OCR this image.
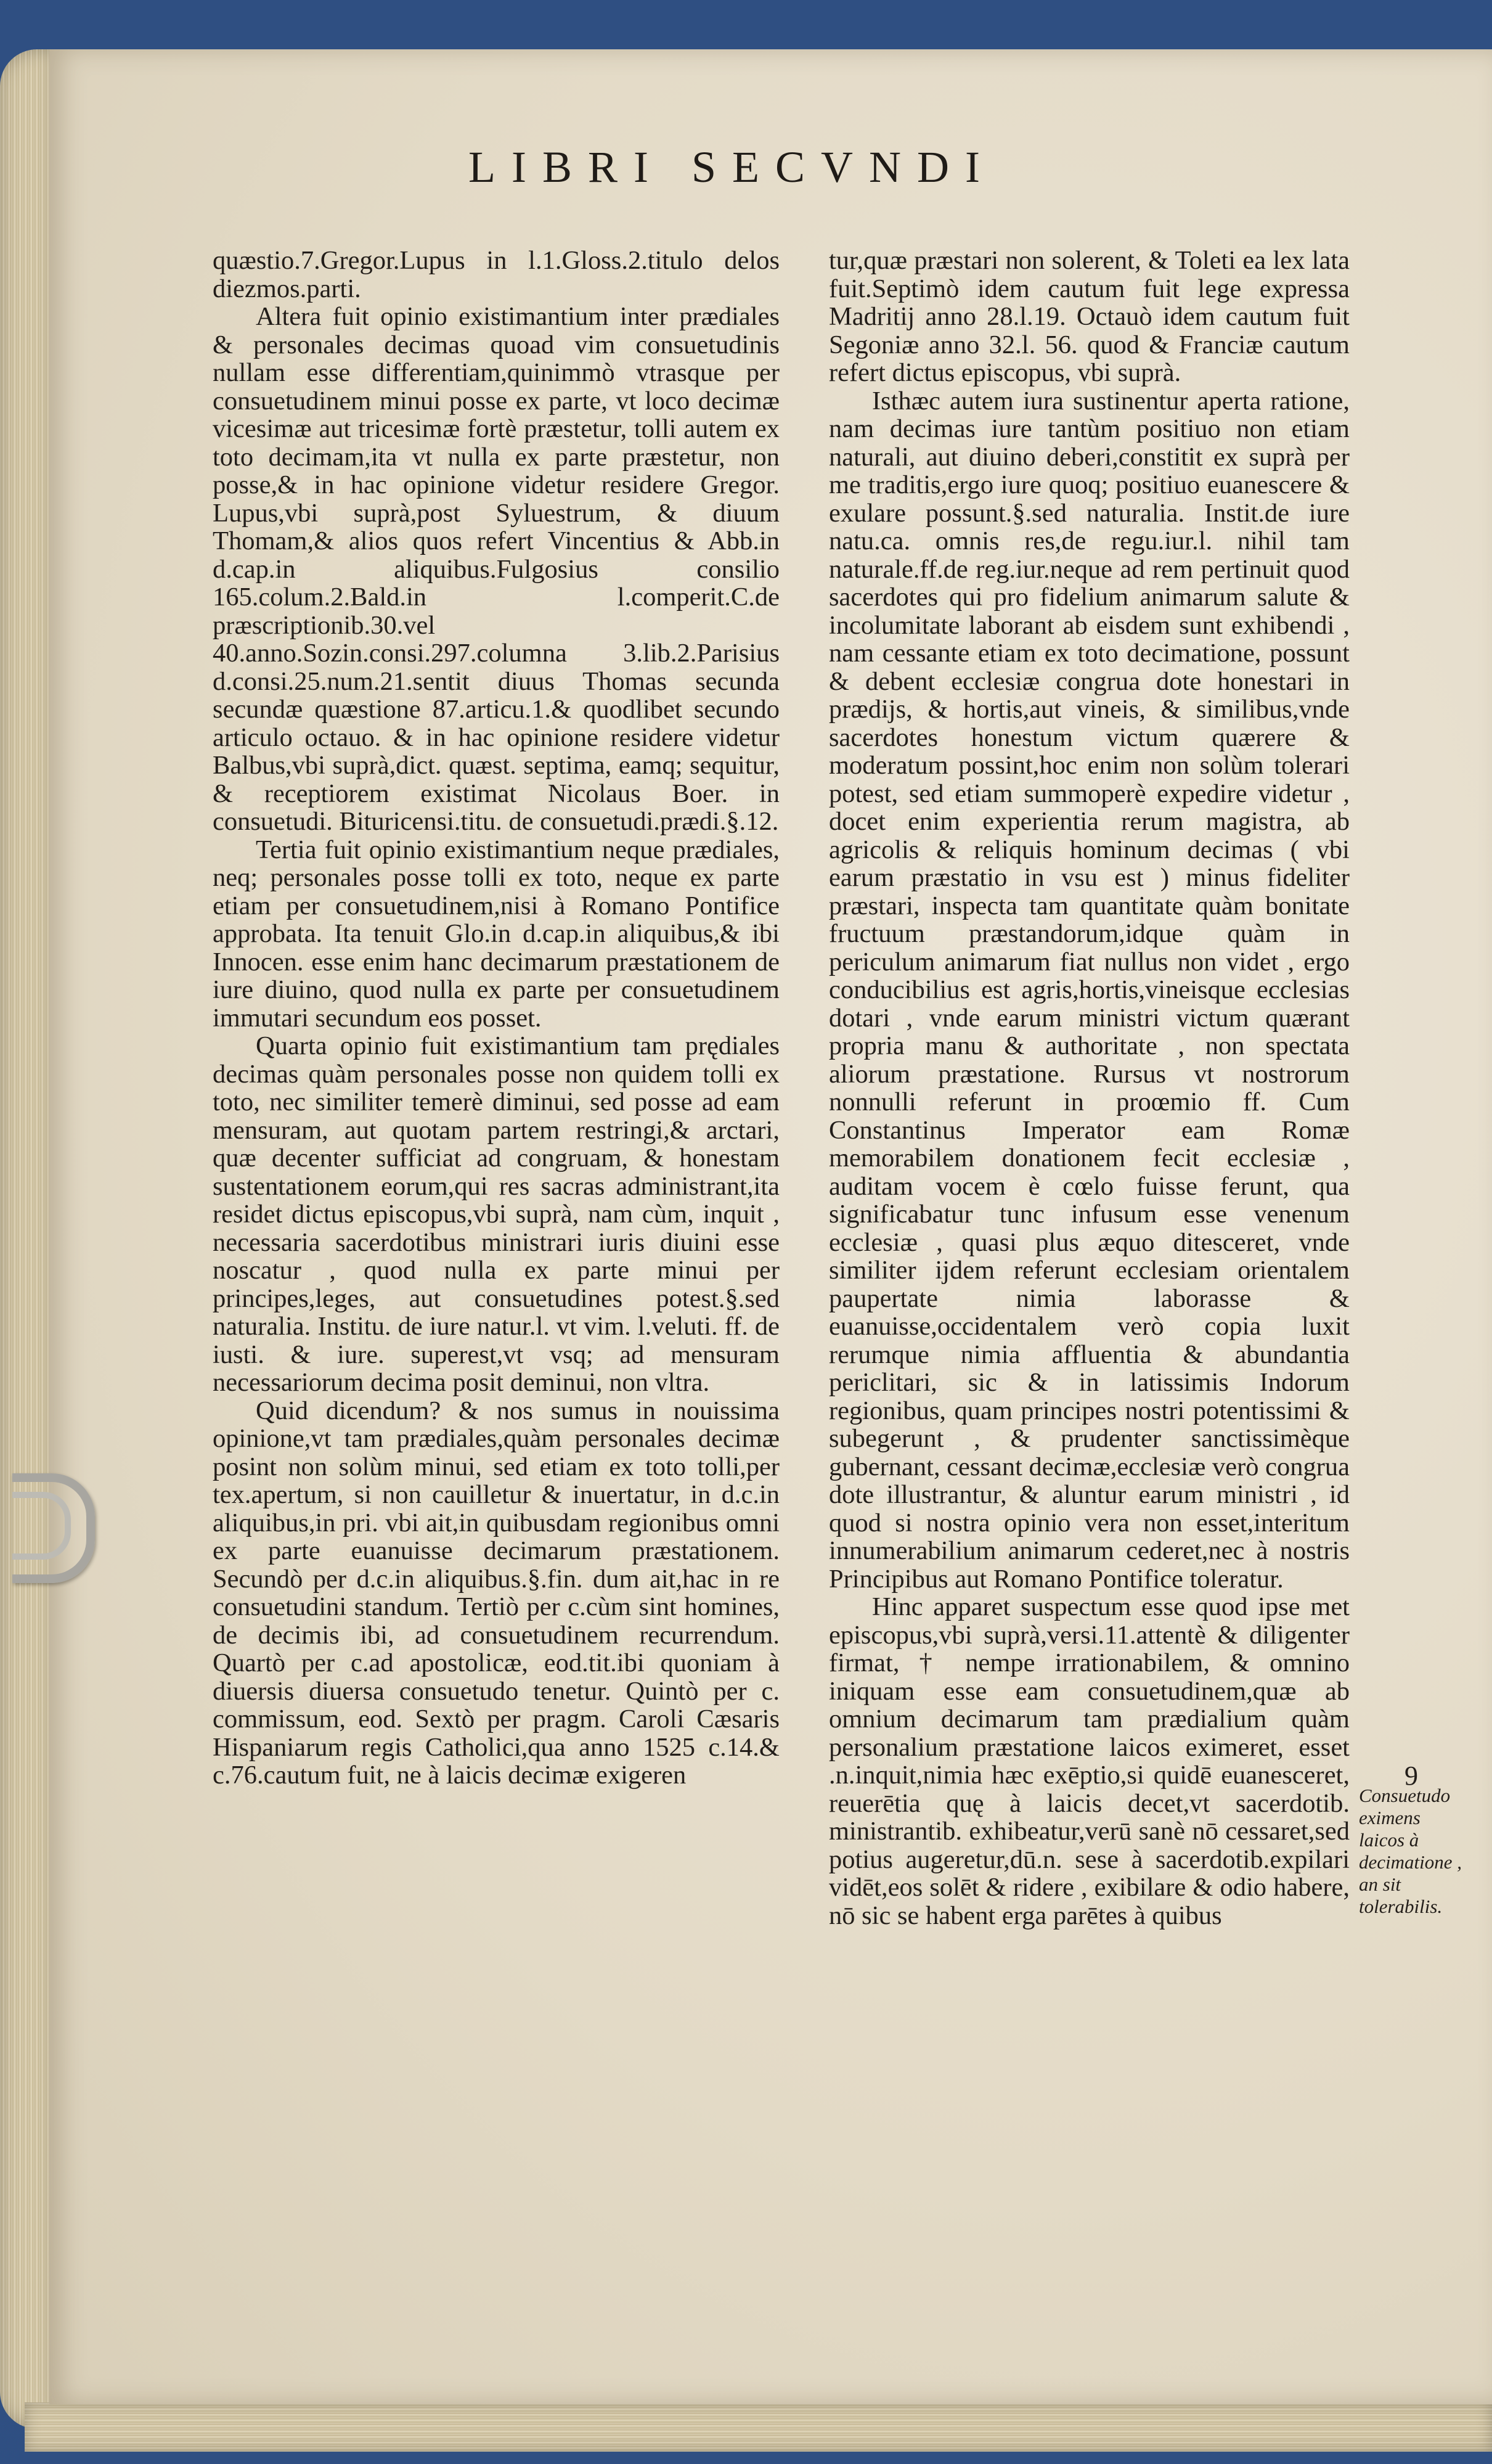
LIBRI SECVNDI

quæstio.7.Gregor.Lupus in l.1.Gloss.2.titulo delos diezmos.parti.

Altera fuit opinio existimantium inter prædiales & personales decimas quoad vim consuetudinis nullam esse differentiam,quinimmò vtrasque per consuetudinem minui posse ex parte, vt loco decimæ vicesimæ aut tricesimæ fortè præstetur, tolli autem ex toto decimam,ita vt nulla ex parte præstetur, non posse,& in hac opinione videtur residere Gregor. Lupus,vbi suprà,post Syluestrum, & diuum Thomam,& alios quos refert Vincentius & Abb.in d.cap.in aliquibus.Fulgosius consilio 165.colum.2.Bald.in l.comperit.C.de præscriptionib.30.vel 40.anno.Sozin.consi.297.columna 3.lib.2.Parisius d.consi.25.num.21.sentit diuus Thomas secunda secundæ quæstione 87.articu.1.& quodlibet secundo articulo octauo. & in hac opinione residere videtur Balbus,vbi suprà,dict. quæst. septima, eamq; sequitur, & receptiorem existimat Nicolaus Boer. in consuetudi. Bituricensi.titu. de consuetudi.prædi.§.12.

Tertia fuit opinio existimantium neque prædiales, neq; personales posse tolli ex toto, neque ex parte etiam per consuetudinem,nisi à Romano Pontifice approbata. Ita tenuit Glo.in d.cap.in aliquibus,& ibi Innocen. esse enim hanc decimarum præstationem de iure diuino, quod nulla ex parte per consuetudinem immutari secundum eos posset.

Quarta opinio fuit existimantium tam prędiales decimas quàm personales posse non quidem tolli ex toto, nec similiter temerè diminui, sed posse ad eam mensuram, aut quotam partem restringi,& arctari, quæ decenter sufficiat ad congruam, & honestam sustentationem eorum,qui res sacras administrant,ita residet dictus episcopus,vbi suprà, nam cùm, inquit , necessaria sacerdotibus ministrari iuris diuini esse noscatur , quod nulla ex parte minui per principes,leges, aut consuetudines potest.§.sed naturalia. Institu. de iure natur.l. vt vim. l.veluti. ff. de iusti. & iure. superest,vt vsq; ad mensuram necessariorum decima posit deminui, non vltra.

Quid dicendum? & nos sumus in nouissima opinione,vt tam prædiales,quàm personales decimæ posint non solùm minui, sed etiam ex toto tolli,per tex.apertum, si non cauilletur & inuertatur, in d.c.in aliquibus,in pri. vbi ait,in quibusdam regionibus omni ex parte euanuisse decimarum præstationem. Secundò per d.c.in aliquibus.§.fin. dum ait,hac in re consuetudini standum. Tertiò per c.cùm sint homines, de decimis ibi, ad consuetudinem recurrendum. Quartò per c.ad apostolicæ, eod.tit.ibi quoniam à diuersis diuersa consuetudo tenetur. Quintò per c. commissum, eod. Sextò per pragm. Caroli Cæsaris Hispaniarum regis Catholici,qua anno 1525 c.14.& c.76.cautum fuit, ne à laicis decimæ exigeren

tur,quæ præstari non solerent, & Toleti ea lex lata fuit.Septimò idem cautum fuit lege expressa Madritij anno 28.l.19. Octauò idem cautum fuit Segoniæ anno 32.l. 56. quod & Franciæ cautum refert dictus episcopus, vbi suprà.

Isthæc autem iura sustinentur aperta ratione, nam decimas iure tantùm positiuo non etiam naturali, aut diuino deberi,constitit ex suprà per me traditis,ergo iure quoq; positiuo euanescere & exulare possunt.§.sed naturalia. Instit.de iure natu.ca. omnis res,de regu.iur.l. nihil tam naturale.ff.de reg.iur.neque ad rem pertinuit quod sacerdotes qui pro fidelium animarum salute & incolumitate laborant ab eisdem sunt exhibendi , nam cessante etiam ex toto decimatione, possunt & debent ecclesiæ congrua dote honestari in prædijs, & hortis,aut vineis, & similibus,vnde sacerdotes honestum victum quærere & moderatum possint,hoc enim non solùm tolerari potest, sed etiam summoperè expedire videtur , docet enim experientia rerum magistra, ab agricolis & reliquis hominum decimas ( vbi earum præstatio in vsu est ) minus fideliter præstari, inspecta tam quantitate quàm bonitate fructuum præstandorum,idque quàm in periculum animarum fiat nullus non videt , ergo conducibilius est agris,hortis,vineisque ecclesias dotari , vnde earum ministri victum quærant propria manu & authoritate , non spectata aliorum præstatione. Rursus vt nostrorum nonnulli referunt in proœmio ff. Cum Constantinus Imperator eam Romæ memorabilem donationem fecit ecclesiæ , auditam vocem è cœlo fuisse ferunt, qua significabatur tunc infusum esse venenum ecclesiæ , quasi plus æquo ditesceret, vnde similiter ijdem referunt ecclesiam orientalem paupertate nimia laborasse & euanuisse,occidentalem verò copia luxit rerumque nimia affluentia & abundantia periclitari, sic & in latissimis Indorum regionibus, quam principes nostri potentissimi & subegerunt , & prudenter sanctissimèque gubernant, cessant decimæ,ecclesiæ verò congrua dote illustrantur, & aluntur earum ministri , id quod si nostra opinio vera non esset,interitum innumerabilium animarum cederet,nec à nostris Principibus aut Romano Pontifice toleratur.

Hinc apparet suspectum esse quod ipse met episcopus,vbi suprà,versi.11.attentè & diligenter firmat, † nempe irrationabilem, & omnino iniquam esse eam consuetudinem,quæ ab omnium decimarum tam prædialium quàm personalium præstatione laicos eximeret, esset .n.inquit,nimia hæc exēptio,si quidē euanesceret, reuerētia quę à laicis decet,vt sacerdotib. ministrantib. exhibeatur,verū sanè nō cessaret,sed potius augeretur,dū.n. sese à sacerdotib.expilari vidēt,eos solēt & ridere , exibilare & odio habere, nō sic se habent erga parētes à quibus

9
Consuetudo eximens laicos à decimatione , an sit tolerabilis.
